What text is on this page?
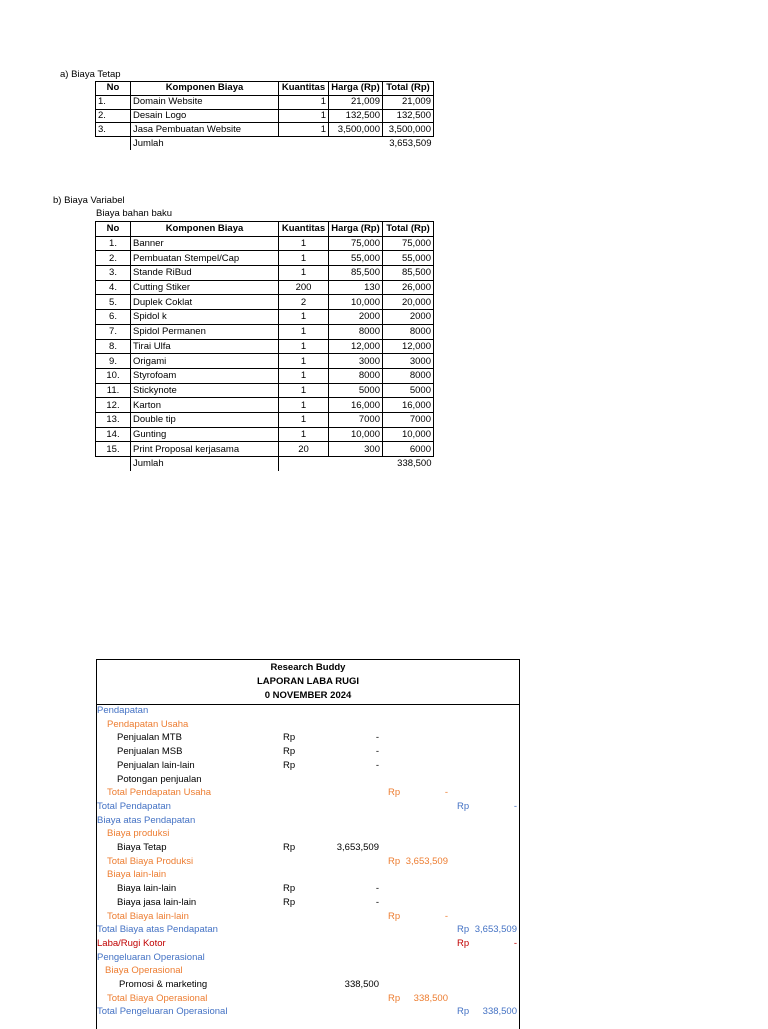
a) Biaya Tetap
No	Komponen Biaya	Kuantitas	Harga (Rp)	Total (Rp)
1.	Domain Website	1	21,009	21,009
2.	Desain Logo	1	132,500	132,500
3.	Jasa Pembuatan Website	1	3,500,000	3,500,000
	Jumlah			3,653,509
b) Biaya Variabel
Biaya bahan baku
No	Komponen Biaya	Kuantitas	Harga (Rp)	Total (Rp)
1.	Banner	1	75,000	75,000
2.	Pembuatan Stempel/Cap	1	55,000	55,000
3.	Stande RiBud	1	85,500	85,500
4.	Cutting Stiker	200	130	26,000
5.	Duplek Coklat	2	10,000	20,000
6.	Spidol k	1	2000	2000
7.	Spidol Permanen	1	8000	8000
8.	Tirai Ulfa	1	12,000	12,000
9.	Origami	1	3000	3000
10.	Styrofoam	1	8000	8000
11.	Stickynote	1	5000	5000
12.	Karton	1	16,000	16,000
13.	Double tip	1	7000	7000
14.	Gunting	1	10,000	10,000
15.	Print Proposal kerjasama	20	300	6000
	Jumlah			338,500
Research Buddy
LAPORAN LABA RUGI
0 NOVEMBER 2024
Pendapatan
Pendapatan Usaha
Penjualan MTB	Rp	-
Penjualan MSB	Rp	-
Penjualan lain-lain	Rp	-
Potongan penjualan
Total Pendapatan Usaha	Rp	-
Total Pendapatan	Rp	-
Biaya atas Pendapatan
Biaya produksi
Biaya Tetap	Rp	3,653,509
Total Biaya Produksi	Rp 3,653,509
Biaya lain-lain
Biaya lain-lain	Rp	-
Biaya jasa lain-lain	Rp	-
Total Biaya lain-lain	Rp	-
Total Biaya atas Pendapatan	Rp 3,653,509
Laba/Rugi Kotor	Rp	-
Pengeluaran Operasional
Biaya Operasional
Promosi & marketing	338,500
Total Biaya Operasional	Rp 338,500
Total Pengeluaran Operasional	Rp 338,500
